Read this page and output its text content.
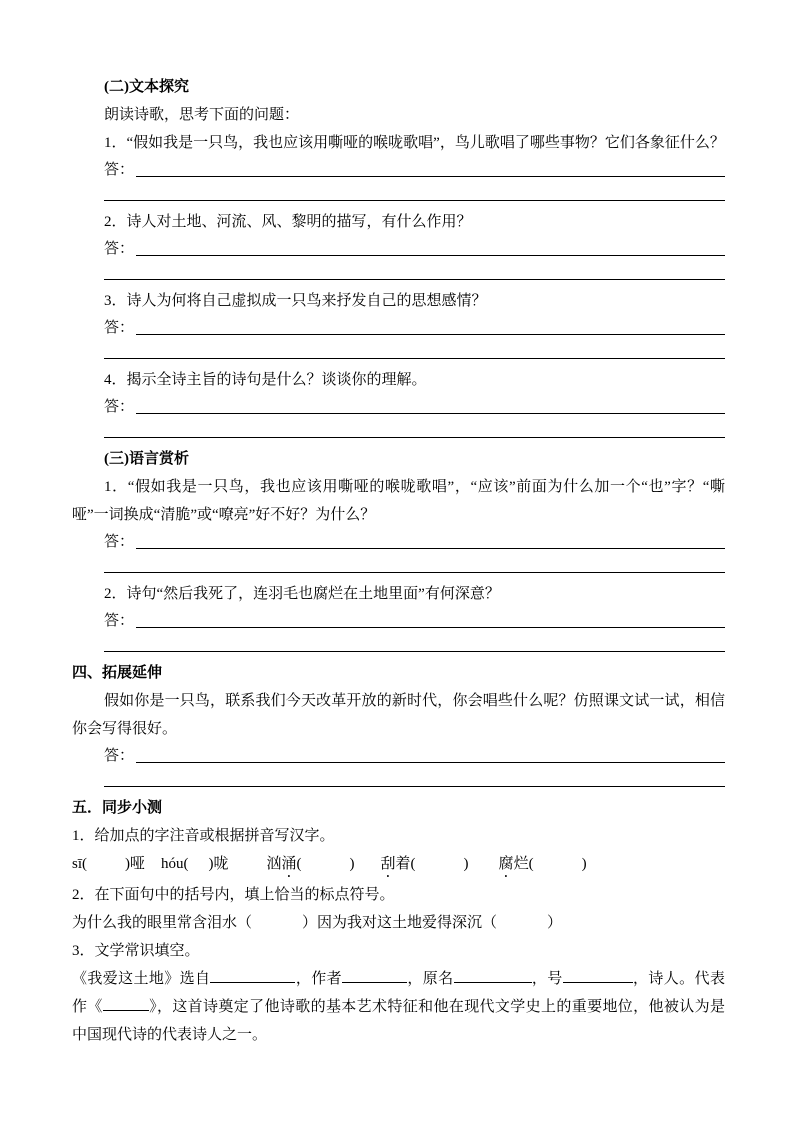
(二)文本探究

朗读诗歌，思考下面的问题：

1．“假如我是一只鸟，我也应该用嘶哑的喉咙歌唱”，鸟儿歌唱了哪些事物？它们各象征什么？

答：

2．诗人对土地、河流、风、黎明的描写，有什么作用？

答：

3．诗人为何将自己虚拟成一只鸟来抒发自己的思想感情？

答：

4．揭示全诗主旨的诗句是什么？谈谈你的理解。

答：
(三)语言赏析

1．“假如我是一只鸟，我也应该用嘶哑的喉咙歌唱”，“应该”前面为什么加一个“也”字？“嘶哑”一词换成“清脆”或“嘹亮”好不好？为什么？

答：

2．诗句“然后我死了，连羽毛也腐烂在土地里面”有何深意？

答：
四、拓展延伸

假如你是一只鸟，联系我们今天改革开放的新时代，你会唱些什么呢？仿照课文试一试，相信你会写得很好。

答：
五．同步小测

1．给加点的字注音或根据拼音写汉字。

sī(	)哑 hóu( )咙	汹涌(	) 刮着(	) 腐烂(	)

2．在下面句中的括号内，填上恰当的标点符号。

为什么我的眼里常含泪水（	）因为我对这土地爱得深沉（	）

3．文学常识填空。

《我爱这土地》选自	，作者	，原名	，号	，诗人。代表作《	》，这首诗奠定了他诗歌的基本艺术特征和他在现代文学史上的重要地位，他被认为是中国现代诗的代表诗人之一。
